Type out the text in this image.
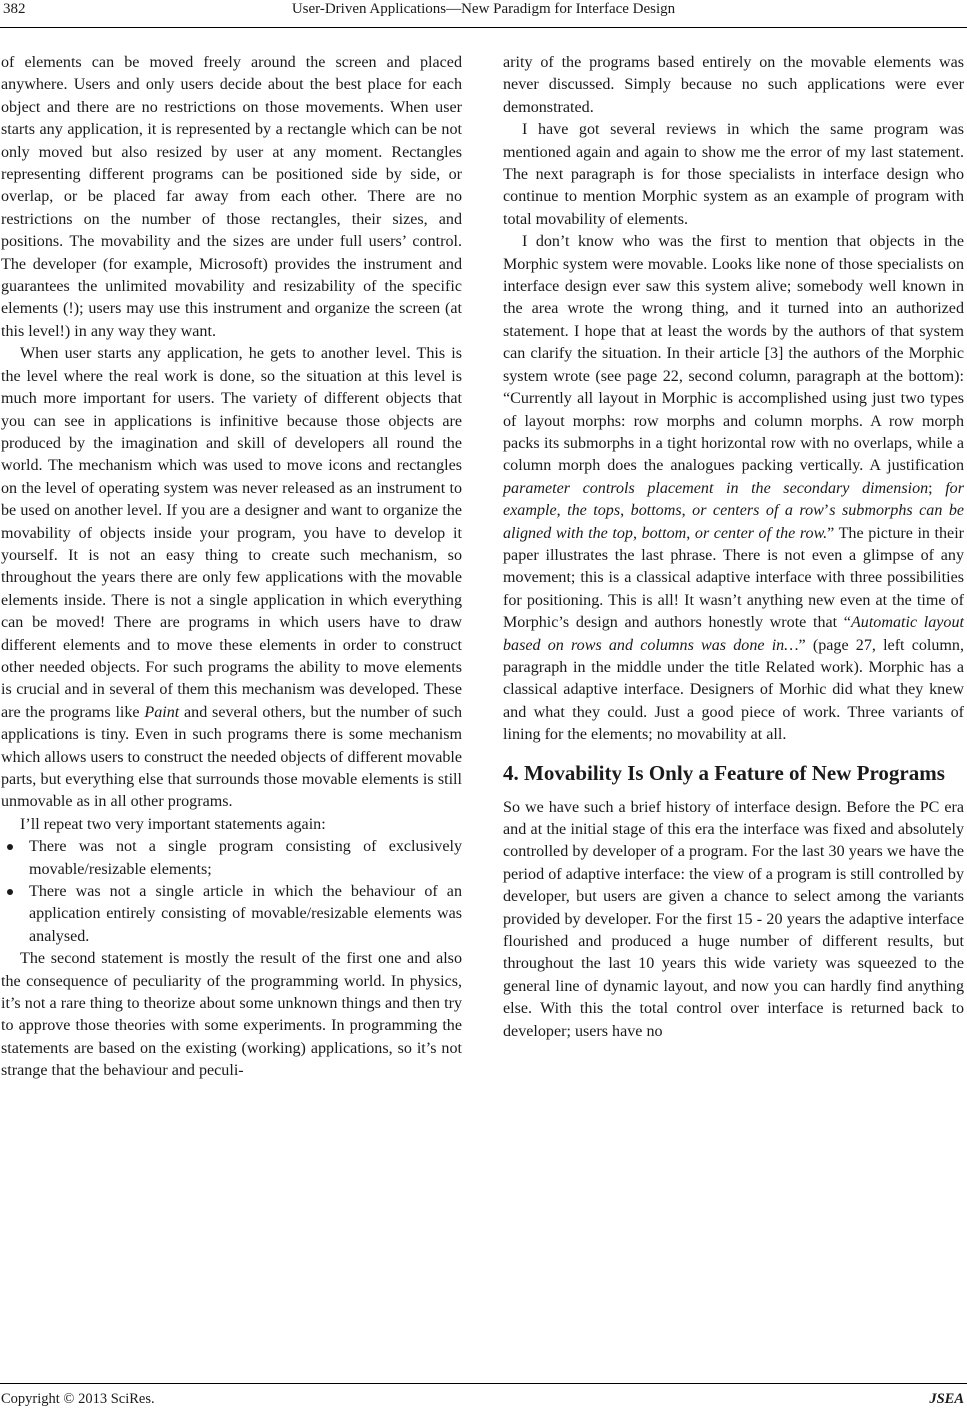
382	User-Driven Applications—New Paradigm for Interface Design

of elements can be moved freely around the screen and placed anywhere. Users and only users decide about the best place for each object and there are no restrictions on those movements. When user starts any application, it is represented by a rectangle which can be not only moved but also resized by user at any moment. Rectangles representing different programs can be positioned side by side, or overlap, or be placed far away from each other. There are no restrictions on the number of those rectangles, their sizes, and positions. The movability and the sizes are under full users’ control. The developer (for example, Microsoft) provides the instrument and guarantees the unlimited movability and resizability of the specific elements (!); users may use this instrument and organize the screen (at this level!) in any way they want.

When user starts any application, he gets to another level. This is the level where the real work is done, so the situation at this level is much more important for users. The variety of different objects that you can see in applications is infinitive because those objects are produced by the imagination and skill of developers all round the world. The mechanism which was used to move icons and rectangles on the level of operating system was never released as an instrument to be used on another level. If you are a designer and want to organize the movability of objects inside your program, you have to develop it yourself. It is not an easy thing to create such mechanism, so throughout the years there are only few applications with the movable elements inside. There is not a single application in which everything can be moved! There are programs in which users have to draw different elements and to move these elements in order to construct other needed objects. For such programs the ability to move elements is crucial and in several of them this mechanism was developed. These are the programs like Paint and several others, but the number of such applications is tiny. Even in such programs there is some mechanism which allows users to construct the needed objects of different movable parts, but everything else that surrounds those movable elements is still unmovable as in all other programs.

I’ll repeat two very important statements again:

There was not a single program consisting of exclusively movable/resizable elements;
There was not a single article in which the behaviour of an application entirely consisting of movable/resizable elements was analysed.

The second statement is mostly the result of the first one and also the consequence of peculiarity of the programming world. In physics, it’s not a rare thing to theorize about some unknown things and then try to approve those theories with some experiments. In programming the statements are based on the existing (working) applications, so it’s not strange that the behaviour and peculi-

arity of the programs based entirely on the movable elements was never discussed. Simply because no such applications were ever demonstrated.

I have got several reviews in which the same program was mentioned again and again to show me the error of my last statement. The next paragraph is for those specialists in interface design who continue to mention Morphic system as an example of program with total movability of elements.

I don’t know who was the first to mention that objects in the Morphic system were movable. Looks like none of those specialists on interface design ever saw this system alive; somebody well known in the area wrote the wrong thing, and it turned into an authorized statement. I hope that at least the words by the authors of that system can clarify the situation. In their article [3] the authors of the Morphic system wrote (see page 22, second column, paragraph at the bottom): “Currently all layout in Morphic is accomplished using just two types of layout morphs: row morphs and column morphs. A row morph packs its submorphs in a tight horizontal row with no overlaps, while a column morph does the analogues packing vertically. A justification parameter controls placement in the secondary dimension; for example, the tops, bottoms, or centers of a row’s submorphs can be aligned with the top, bottom, or center of the row.” The picture in their paper illustrates the last phrase. There is not even a glimpse of any movement; this is a classical adaptive interface with three possibilities for positioning. This is all! It wasn’t anything new even at the time of Morphic’s design and authors honestly wrote that “Automatic layout based on rows and columns was done in…” (page 27, left column, paragraph in the middle under the title Related work). Morphic has a classical adaptive interface. Designers of Morhic did what they knew and what they could. Just a good piece of work. Three variants of lining for the elements; no movability at all.

4. Movability Is Only a Feature of New Programs

So we have such a brief history of interface design. Before the PC era and at the initial stage of this era the interface was fixed and absolutely controlled by developer of a program. For the last 30 years we have the period of adaptive interface: the view of a program is still controlled by developer, but users are given a chance to select among the variants provided by developer. For the first 15 - 20 years the adaptive interface flourished and produced a huge number of different results, but throughout the last 10 years this wide variety was squeezed to the general line of dynamic layout, and now you can hardly find anything else. With this the total control over interface is returned back to developer; users have no

Copyright © 2013 SciRes.	JSEA
